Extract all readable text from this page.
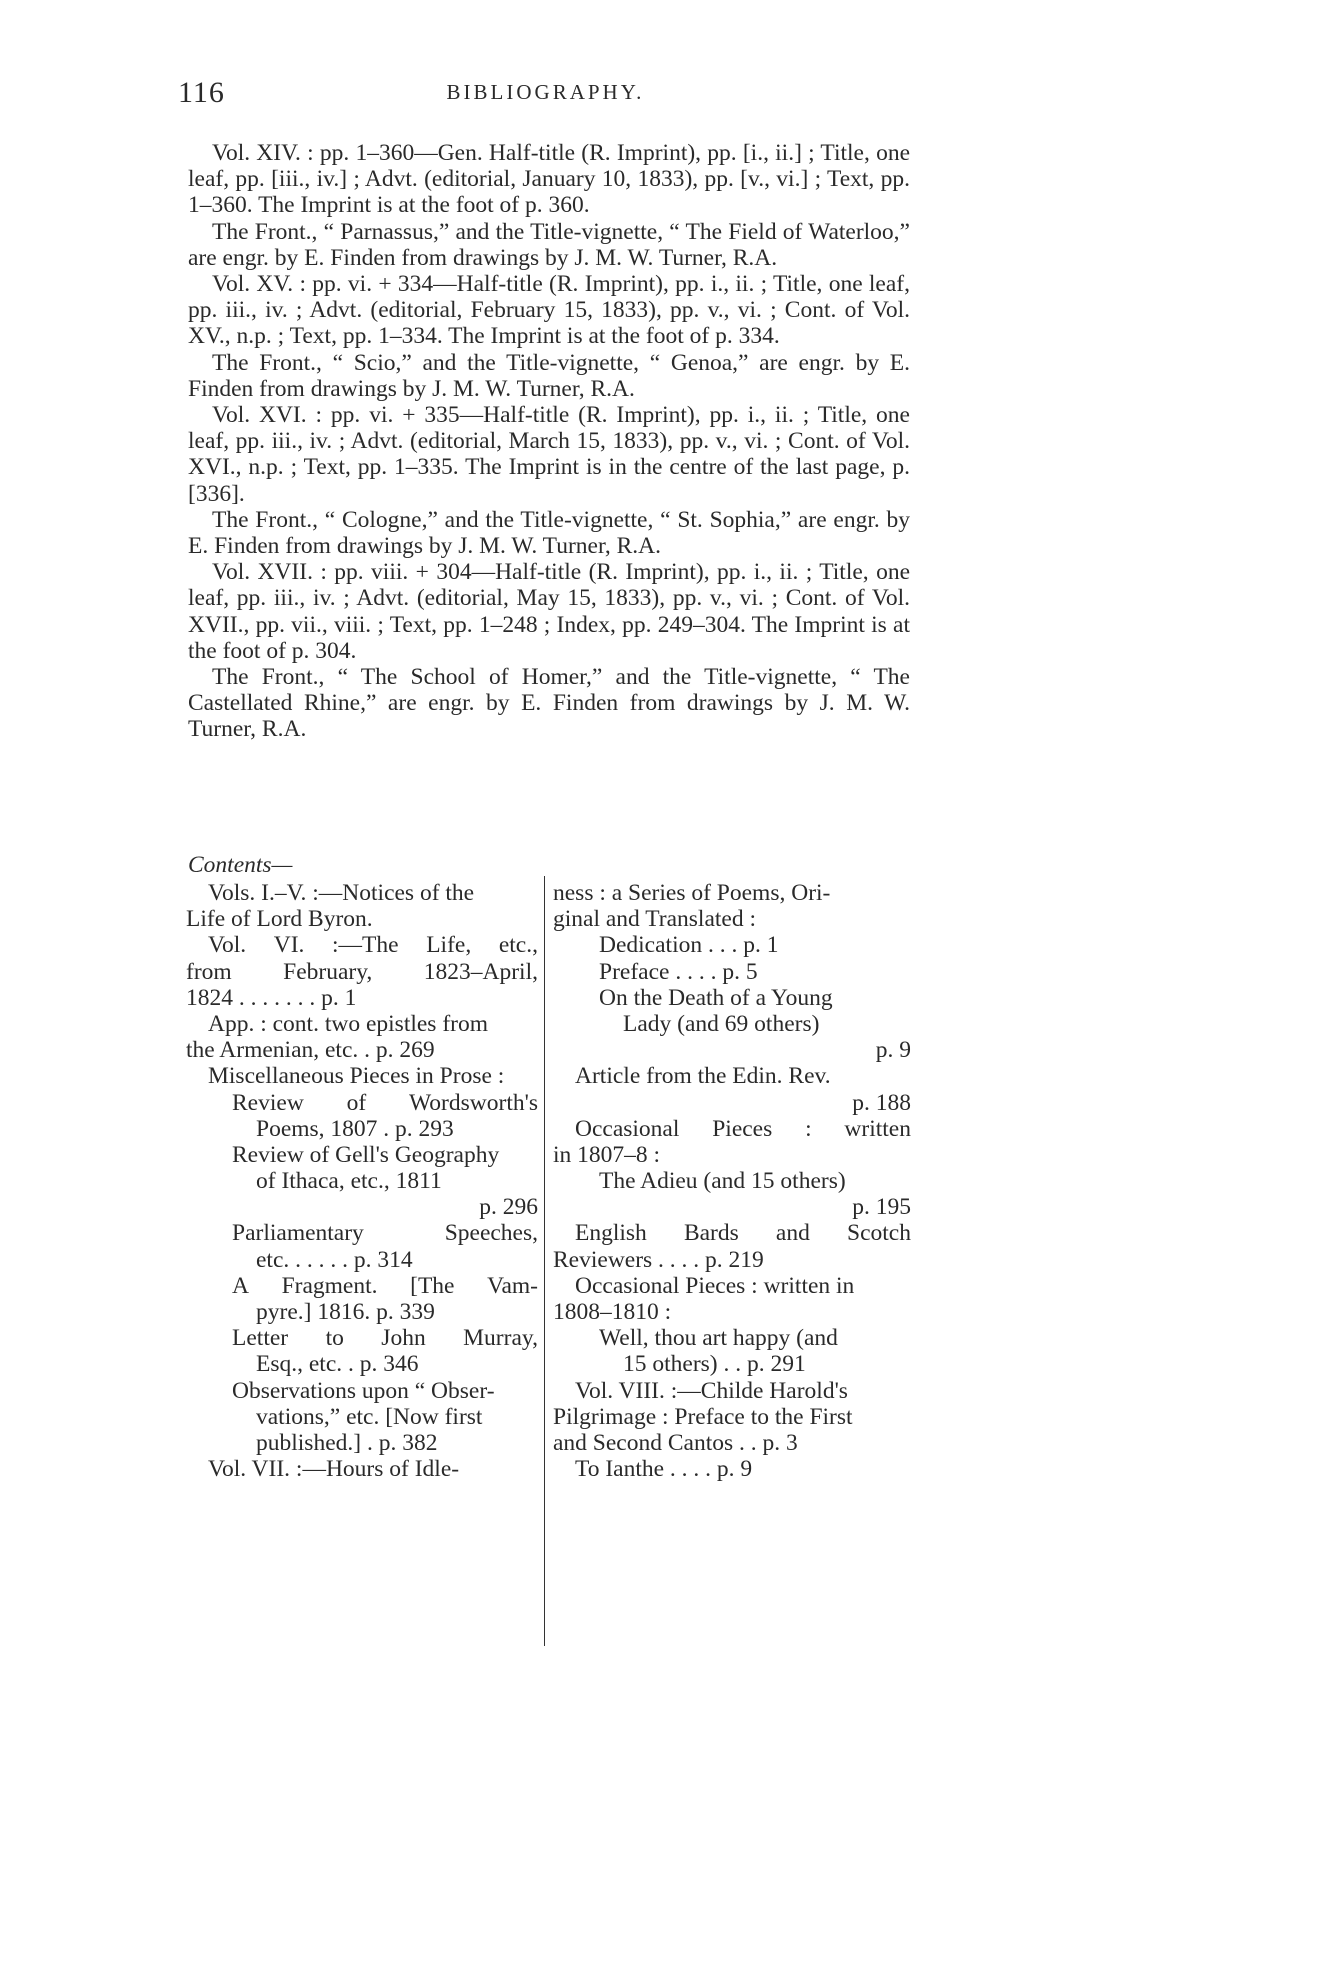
116	BIBLIOGRAPHY.

Vol. XIV. : pp. 1–360—Gen. Half-title (R. Imprint), pp. [i., ii.] ; Title, one leaf, pp. [iii., iv.] ; Advt. (editorial, January 10, 1833), pp. [v., vi.] ; Text, pp. 1–360. The Imprint is at the foot of p. 360.

The Front., “ Parnassus,” and the Title-vignette, “ The Field of Waterloo,” are engr. by E. Finden from drawings by J. M. W. Turner, R.A.

Vol. XV. : pp. vi. + 334—Half-title (R. Imprint), pp. i., ii. ; Title, one leaf, pp. iii., iv. ; Advt. (editorial, February 15, 1833), pp. v., vi. ; Cont. of Vol. XV., n.p. ; Text, pp. 1–334. The Imprint is at the foot of p. 334.

The Front., “ Scio,” and the Title-vignette, “ Genoa,” are engr. by E. Finden from drawings by J. M. W. Turner, R.A.

Vol. XVI. : pp. vi. + 335—Half-title (R. Imprint), pp. i., ii. ; Title, one leaf, pp. iii., iv. ; Advt. (editorial, March 15, 1833), pp. v., vi. ; Cont. of Vol. XVI., n.p. ; Text, pp. 1–335. The Imprint is in the centre of the last page, p. [336].

The Front., “ Cologne,” and the Title-vignette, “ St. Sophia,” are engr. by E. Finden from drawings by J. M. W. Turner, R.A.

Vol. XVII. : pp. viii. + 304—Half-title (R. Imprint), pp. i., ii. ; Title, one leaf, pp. iii., iv. ; Advt. (editorial, May 15, 1833), pp. v., vi. ; Cont. of Vol. XVII., pp. vii., viii. ; Text, pp. 1–248 ; Index, pp. 249–304. The Imprint is at the foot of p. 304.

The Front., “ The School of Homer,” and the Title-vignette, “ The Castellated Rhine,” are engr. by E. Finden from drawings by J. M. W. Turner, R.A.

Contents—
Vols. I.–V. :—Notices of the
Life of Lord Byron.
Vol. VI. :—The Life, etc.,
from February, 1823–April,
1824 . . . . . . . p. 1
App. : cont. two epistles from
the Armenian, etc. . p. 269
Miscellaneous Pieces in Prose :
Review of Wordsworth's
Poems, 1807 . p. 293
Review of Gell's Geography
of Ithaca, etc., 1811
p. 296
Parliamentary	Speeches,
etc. . . . . . p. 314
A Fragment. [The Vam-
pyre.] 1816. p. 339
Letter to John Murray,
Esq., etc. . p. 346
Observations upon “ Obser-
vations,” etc. [Now first
published.] . p. 382
Vol. VII. :—Hours of Idle-
ness : a Series of Poems, Ori-
ginal and Translated :
Dedication . . . p. 1
Preface . . . . p. 5
On the Death of a Young
Lady (and 69 others)
p. 9
Article from the Edin. Rev.
p. 188
Occasional Pieces : written
in 1807–8 :
The Adieu (and 15 others)
p. 195
English Bards and Scotch
Reviewers . . . . p. 219
Occasional Pieces : written in
1808–1810 :
Well, thou art happy (and
15 others) . . p. 291
Vol. VIII. :—Childe Harold's
Pilgrimage : Preface to the First
and Second Cantos . . p. 3
To Ianthe . . . . p. 9
